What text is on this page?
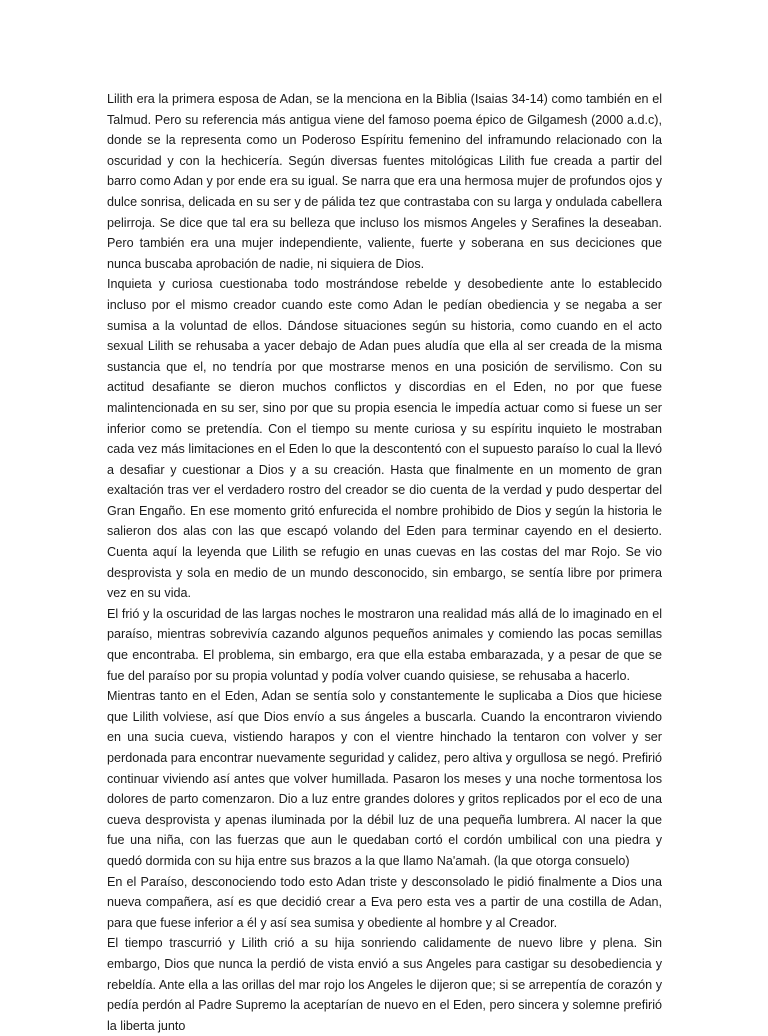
Lilith era la primera esposa de Adan, se la menciona en la Biblia (Isaias 34-14) como también en el Talmud. Pero su referencia más antigua viene del famoso poema épico de Gilgamesh (2000 a.d.c), donde se la representa como un Poderoso Espíritu femenino del inframundo relacionado con la oscuridad y con la hechicería. Según diversas fuentes mitológicas Lilith fue creada a partir del barro como Adan y por ende era su igual. Se narra que era una hermosa mujer de profundos ojos y dulce sonrisa, delicada en su ser y de pálida tez que contrastaba con su larga y ondulada cabellera pelirroja. Se dice que tal era su belleza que incluso los mismos Angeles y Serafines la deseaban. Pero también era una mujer independiente, valiente, fuerte y soberana en sus deciciones que nunca buscaba aprobación de nadie, ni siquiera de Dios.

Inquieta y curiosa cuestionaba todo mostrándose rebelde y desobediente ante lo establecido incluso por el mismo creador cuando este como Adan le pedían obediencia y se negaba a ser sumisa a la voluntad de ellos. Dándose situaciones según su historia, como cuando en el acto sexual Lilith se rehusaba a yacer debajo de Adan pues aludía que ella al ser creada de la misma sustancia que el, no tendría por que mostrarse menos en una posición de servilismo. Con su actitud desafiante se dieron muchos conflictos y discordias en el Eden, no por que fuese malintencionada en su ser, sino por que su propia esencia le impedía actuar como si fuese un ser inferior como se pretendía. Con el tiempo su mente curiosa y su espíritu inquieto le mostraban cada vez más limitaciones en el Eden lo que la descontentó con el supuesto paraíso lo cual la llevó a desafiar y cuestionar a Dios y a su creación. Hasta que finalmente en un momento de gran exaltación tras ver el verdadero rostro del creador se dio cuenta de la verdad y pudo despertar del Gran Engaño. En ese momento gritó enfurecida el nombre prohibido de Dios y según la historia le salieron dos alas con las que escapó volando del Eden para terminar cayendo en el desierto. Cuenta aquí la leyenda que Lilith se refugio en unas cuevas en las costas del mar Rojo. Se vio desprovista y sola en medio de un mundo desconocido, sin embargo, se sentía libre por primera vez en su vida.

El frió y la oscuridad de las largas noches le mostraron una realidad más allá de lo imaginado en el paraíso, mientras sobrevivía cazando algunos pequeños animales y comiendo las pocas semillas que encontraba. El problema, sin embargo, era que ella estaba embarazada, y a pesar de que se fue del paraíso por su propia voluntad y podía volver cuando quisiese, se rehusaba a hacerlo.

Mientras tanto en el Eden, Adan se sentía solo y constantemente le suplicaba a Dios que hiciese que Lilith volviese, así que Dios envío a sus ángeles a buscarla. Cuando la encontraron viviendo en una sucia cueva, vistiendo harapos y con el vientre hinchado la tentaron con volver y ser perdonada para encontrar nuevamente seguridad y calidez, pero altiva y orgullosa se negó. Prefirió continuar viviendo así antes que volver humillada. Pasaron los meses y una noche tormentosa los dolores de parto comenzaron. Dio a luz entre grandes dolores y gritos replicados por el eco de una cueva desprovista y apenas iluminada por la débil luz de una pequeña lumbrera. Al nacer la que fue una niña, con las fuerzas que aun le quedaban cortó el cordón umbilical con una piedra y quedó dormida con su hija entre sus brazos a la que llamo Na'amah. (la que otorga consuelo)

En el Paraíso, desconociendo todo esto Adan triste y desconsolado le pidió finalmente a Dios una nueva compañera, así es que decidió crear a Eva pero esta ves a partir de una costilla de Adan, para que fuese inferior a él y así sea sumisa y obediente al hombre y al Creador.

El tiempo trascurrió y Lilith crió a su hija sonriendo calidamente de nuevo libre y plena. Sin embargo, Dios que nunca la perdió de vista envió a sus Angeles para castigar su desobediencia y rebeldía. Ante ella a las orillas del mar rojo los Angeles le dijeron que; si se arrepentía de corazón y pedía perdón al Padre Supremo la aceptarían de nuevo en el Eden, pero sincera y solemne prefirió la liberta junto
